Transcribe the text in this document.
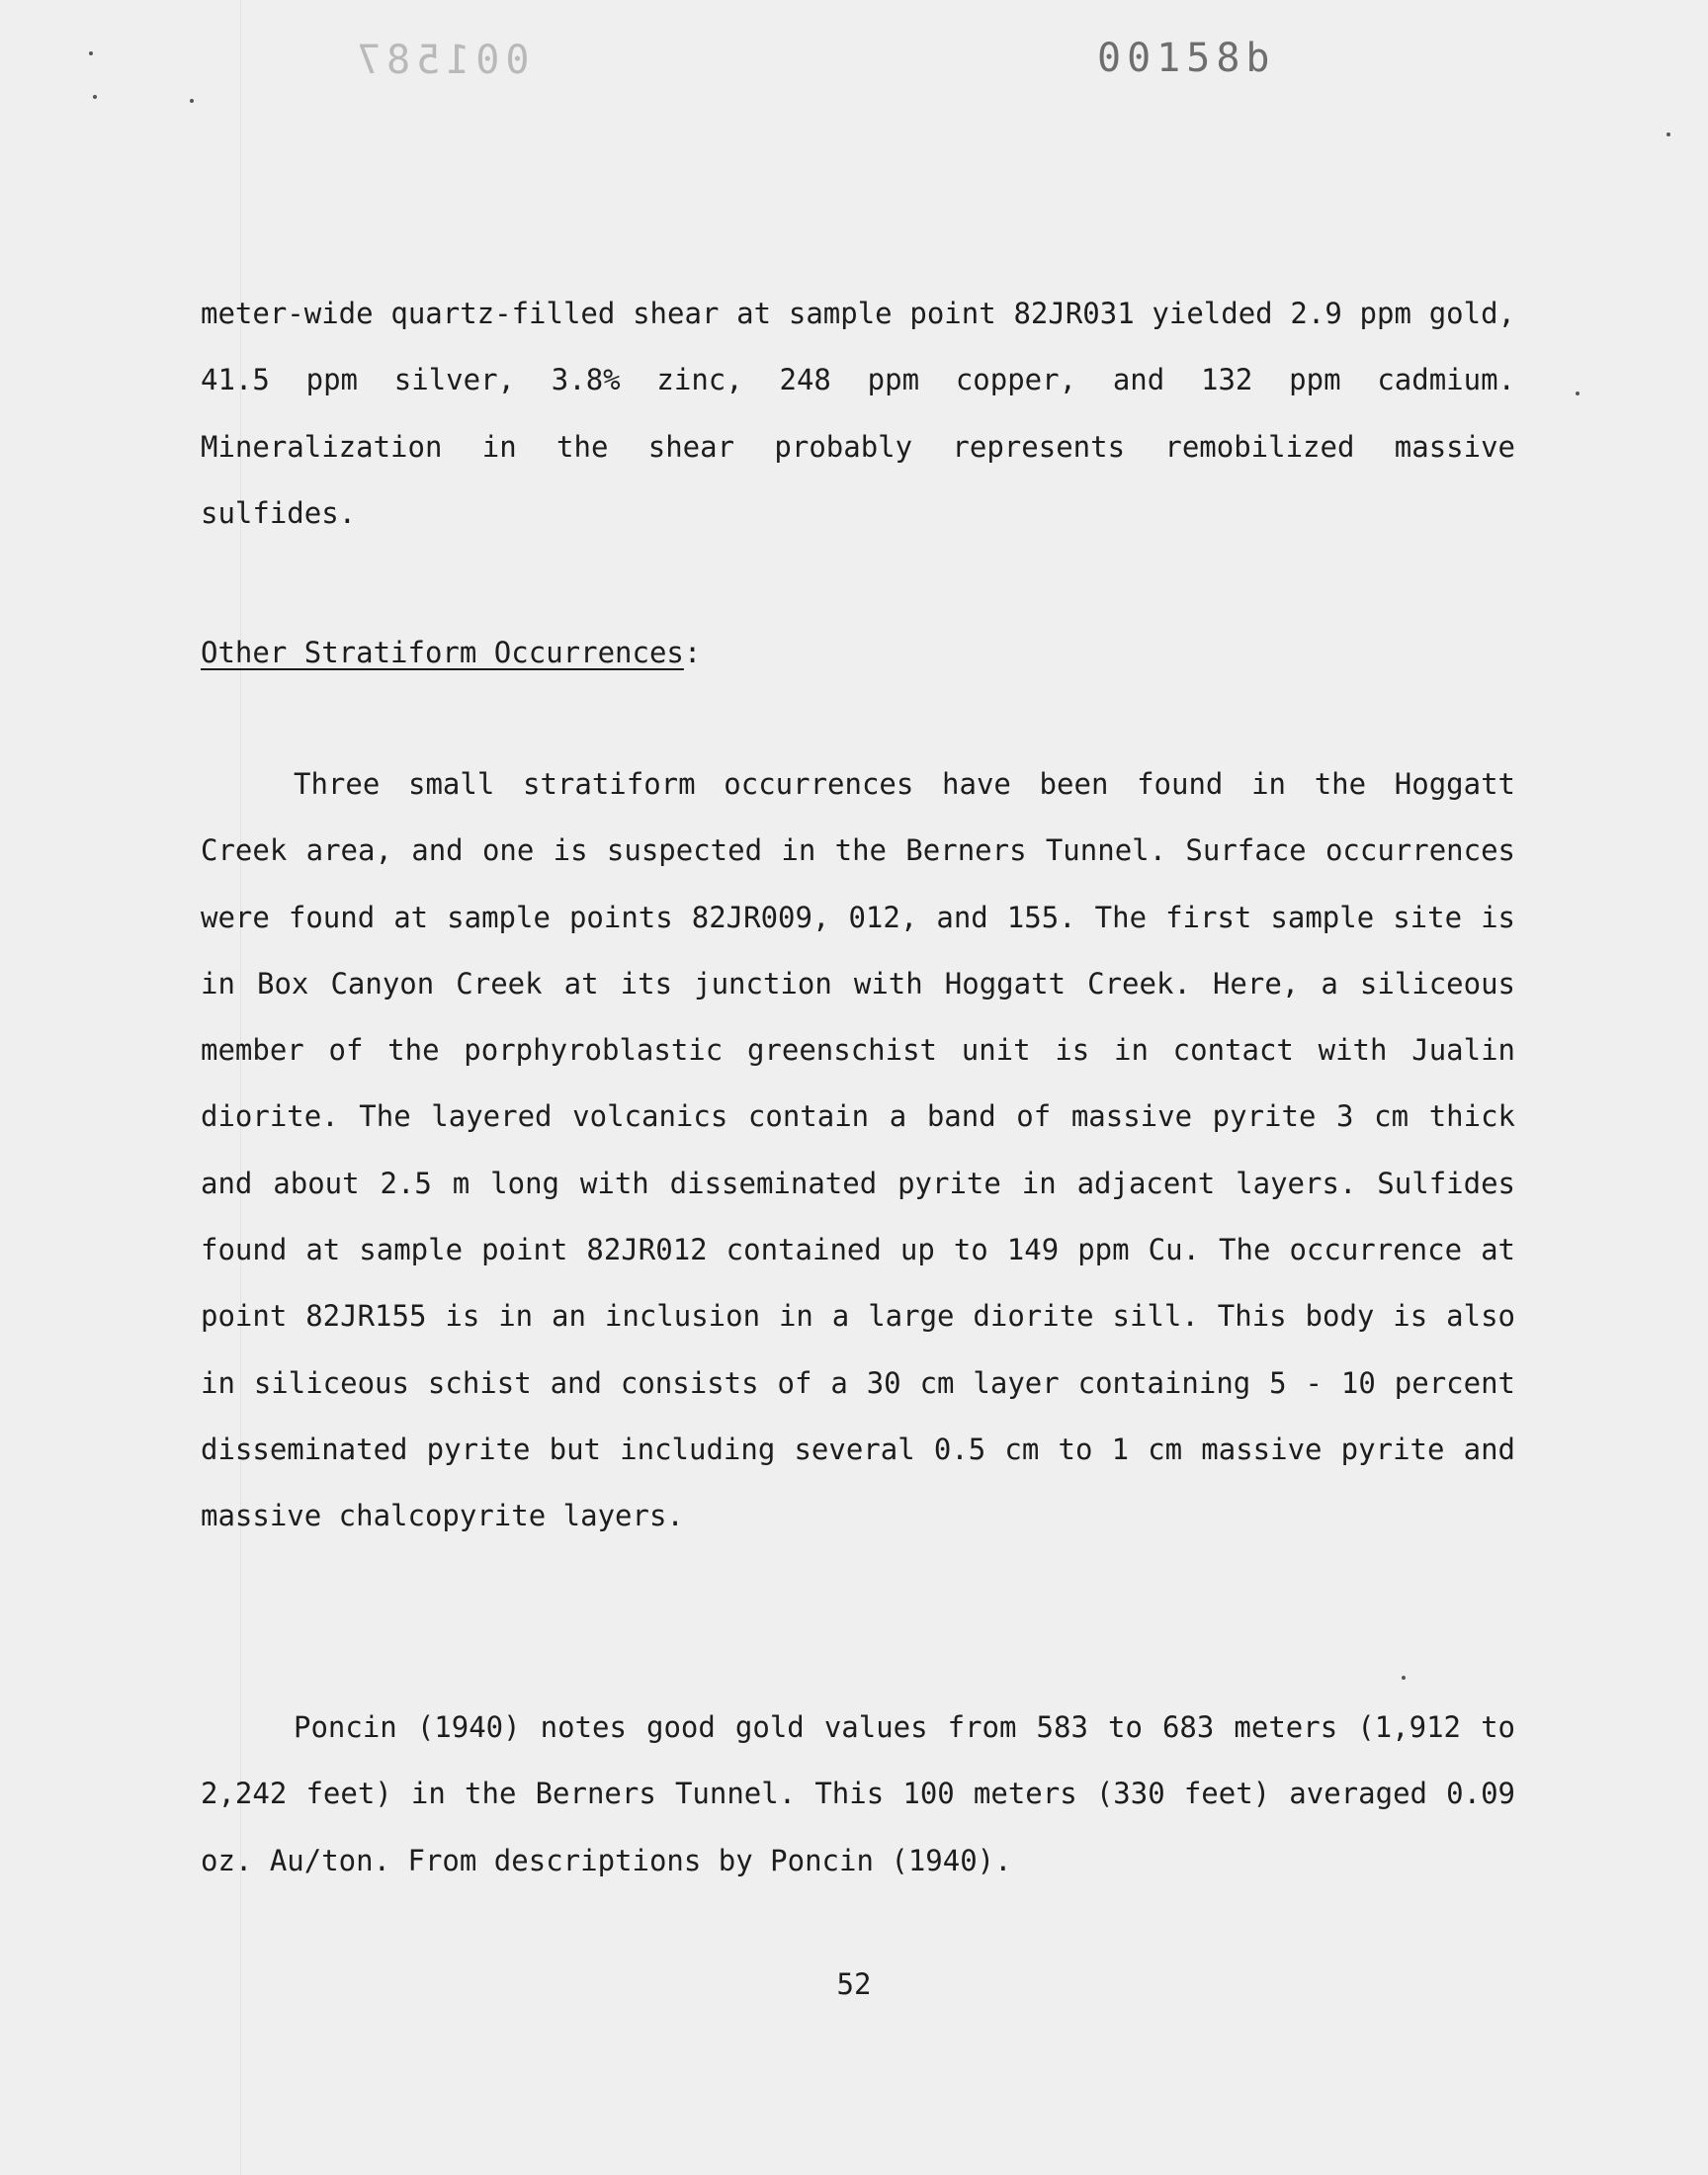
001587	00158b

meter-wide quartz-filled shear at sample point 82JR031 yielded 2.9 ppm gold, 41.5 ppm silver, 3.8% zinc, 248 ppm copper, and 132 ppm cadmium. Mineralization in the shear probably represents remobilized massive sulfides.

Other Stratiform Occurrences:

Three small stratiform occurrences have been found in the Hoggatt Creek area, and one is suspected in the Berners Tunnel. Surface occurrences were found at sample points 82JR009, 012, and 155. The first sample site is in Box Canyon Creek at its junction with Hoggatt Creek. Here, a siliceous member of the porphyroblastic greenschist unit is in contact with Jualin diorite. The layered volcanics contain a band of massive pyrite 3 cm thick and about 2.5 m long with disseminated pyrite in adjacent layers. Sulfides found at sample point 82JR012 contained up to 149 ppm Cu. The occurrence at point 82JR155 is in an inclusion in a large diorite sill. This body is also in siliceous schist and consists of a 30 cm layer containing 5 - 10 percent disseminated pyrite but including several 0.5 cm to 1 cm massive pyrite and massive chalcopyrite layers.

Poncin (1940) notes good gold values from 583 to 683 meters (1,912 to 2,242 feet) in the Berners Tunnel. This 100 meters (330 feet) averaged 0.09 oz. Au/ton. From descriptions by Poncin (1940).

52
